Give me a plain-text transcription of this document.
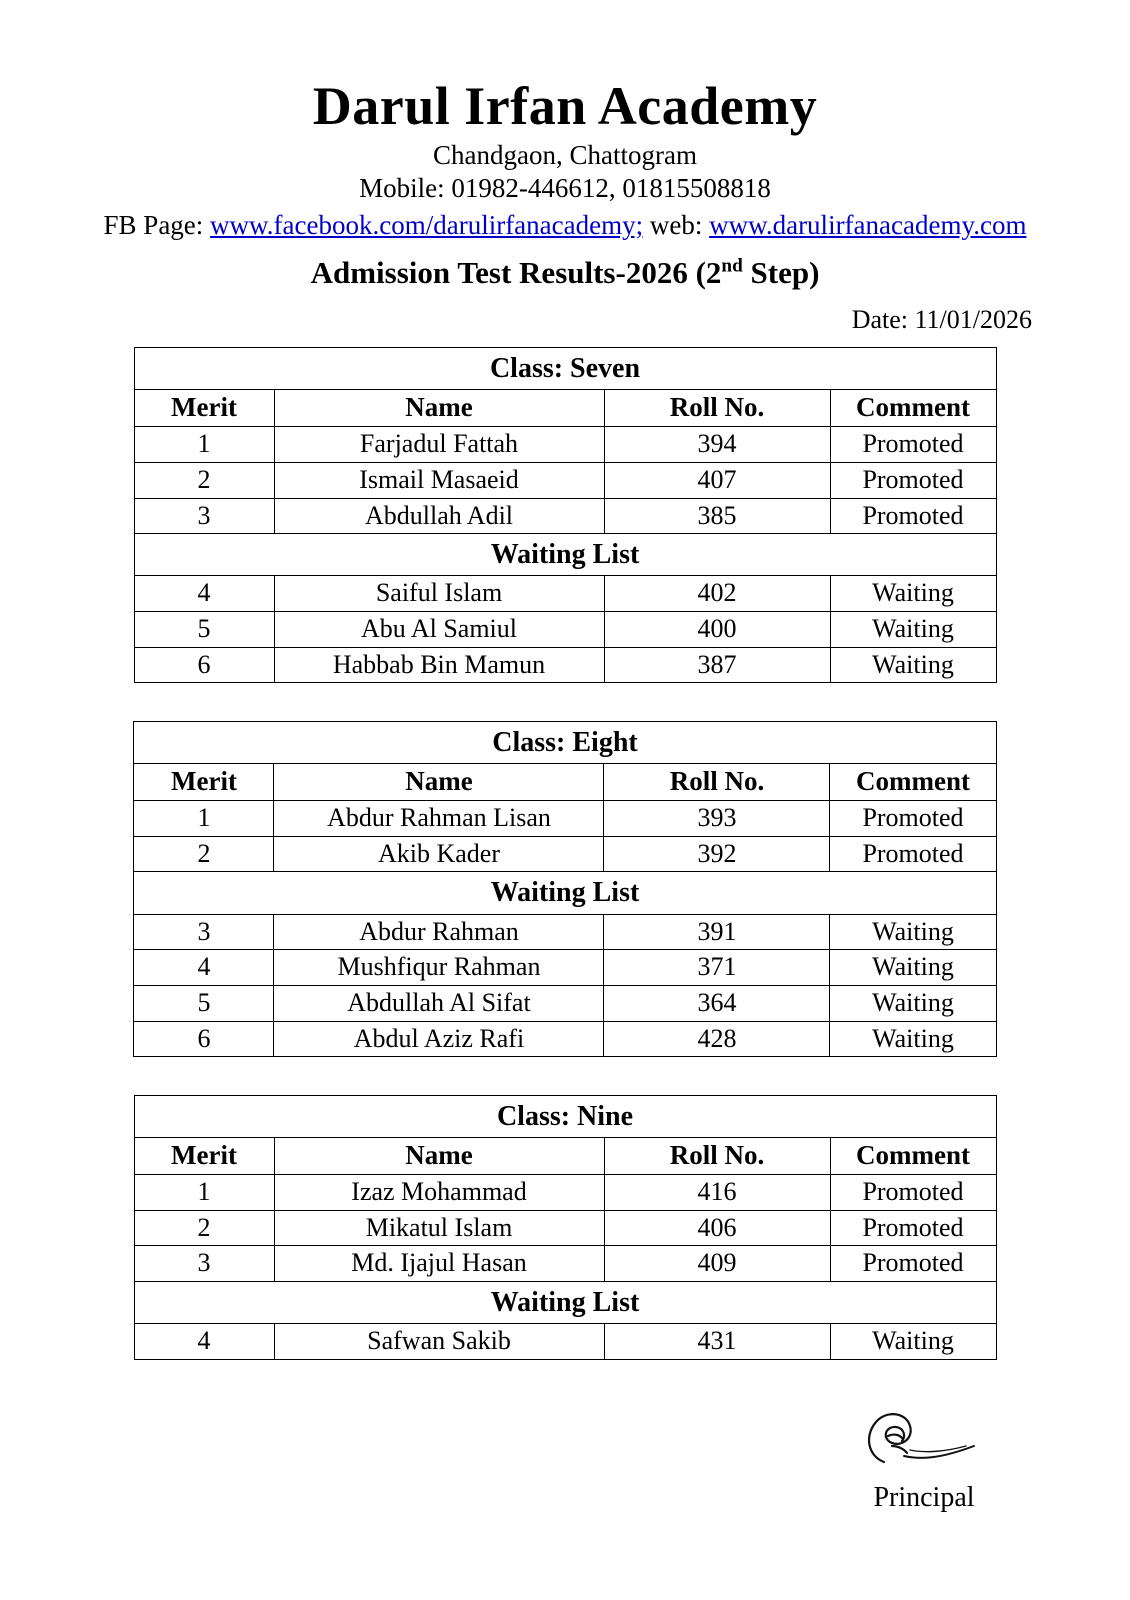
Darul Irfan Academy
Chandgaon, Chattogram
Mobile: 01982-446612, 01815508818
FB Page: www.facebook.com/darulirfanacademy; web: www.darulirfanacademy.com
Admission Test Results-2026 (2nd Step)
Date: 11/01/2026
Class: Seven			
Merit	Name	Roll No.	Comment
1	Farjadul Fattah	394	Promoted
2	Ismail Masaeid	407	Promoted
3	Abdullah Adil	385	Promoted
Waiting List			
4	Saiful Islam	402	Waiting
5	Abu Al Samiul	400	Waiting
6	Habbab Bin Mamun	387	Waiting
Class: Eight			
Merit	Name	Roll No.	Comment
1	Abdur Rahman Lisan	393	Promoted
2	Akib Kader	392	Promoted
Waiting List			
3	Abdur Rahman	391	Waiting
4	Mushfiqur Rahman	371	Waiting
5	Abdullah Al Sifat	364	Waiting
6	Abdul Aziz Rafi	428	Waiting
Class: Nine			
Merit	Name	Roll No.	Comment
1	Izaz Mohammad	416	Promoted
2	Mikatul Islam	406	Promoted
3	Md. Ijajul Hasan	409	Promoted
Waiting List			
4	Safwan Sakib	431	Waiting
Principal
